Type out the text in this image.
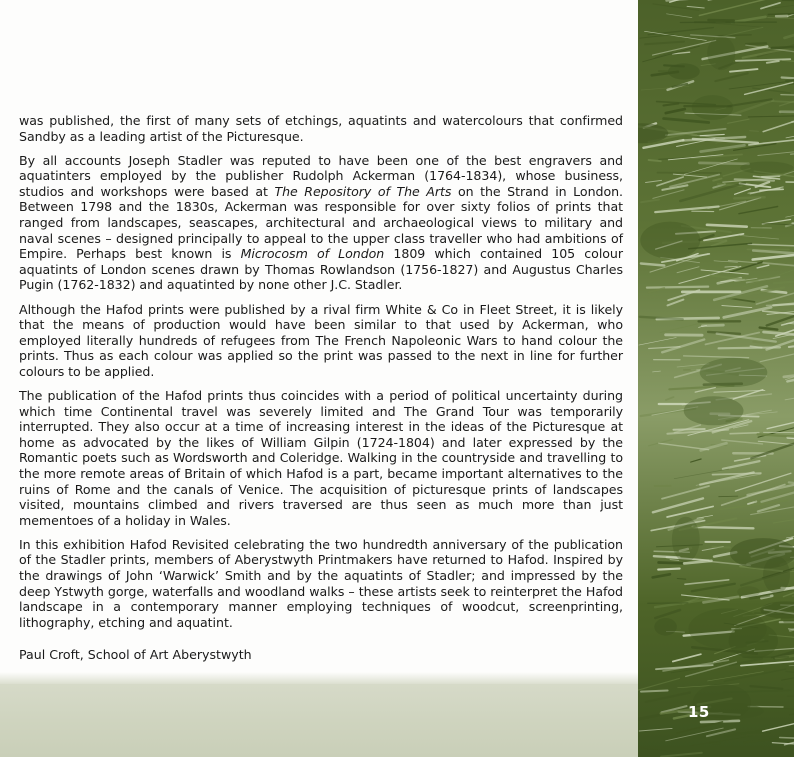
was published, the first of many sets of etchings, aquatints and watercolours that confirmed Sandby as a leading artist of the Picturesque.

By all accounts Joseph Stadler was reputed to have been one of the best engravers and aquatinters employed by the publisher Rudolph Ackerman (1764-1834), whose business, studios and workshops were based at The Repository of The Arts on the Strand in London. Between 1798 and the 1830s, Ackerman was responsible for over sixty folios of prints that ranged from landscapes, seascapes, architectural and archaeological views to military and naval scenes – designed principally to appeal to the upper class traveller who had ambitions of Empire. Perhaps best known is Microcosm of London 1809 which contained 105 colour aquatints of London scenes drawn by Thomas Rowlandson (1756-1827) and Augustus Charles Pugin (1762-1832) and aquatinted by none other J.C. Stadler.

Although the Hafod prints were published by a rival firm White & Co in Fleet Street, it is likely that the means of production would have been similar to that used by Ackerman, who employed literally hundreds of refugees from The French Napoleonic Wars to hand colour the prints. Thus as each colour was applied so the print was passed to the next in line for further colours to be applied.

The publication of the Hafod prints thus coincides with a period of political uncertainty during which time Continental travel was severely limited and The Grand Tour was temporarily interrupted. They also occur at a time of increasing interest in the ideas of the Picturesque at home as advocated by the likes of William Gilpin (1724-1804) and later expressed by the Romantic poets such as Wordsworth and Coleridge. Walking in the countryside and travelling to the more remote areas of Britain of which Hafod is a part, became important alternatives to the ruins of Rome and the canals of Venice. The acquisition of picturesque prints of landscapes visited, mountains climbed and rivers traversed are thus seen as much more than just mementoes of a holiday in Wales.

In this exhibition Hafod Revisited celebrating the two hundredth anniversary of the publication of the Stadler prints, members of Aberystwyth Printmakers have returned to Hafod. Inspired by the drawings of John ‘Warwick’ Smith and by the aquatints of Stadler; and impressed by the deep Ystwyth gorge, waterfalls and woodland walks – these artists seek to reinterpret the Hafod landscape in a contemporary manner employing techniques of woodcut, screenprinting, lithography, etching and aquatint.

Paul Croft, School of Art Aberystwyth
15
